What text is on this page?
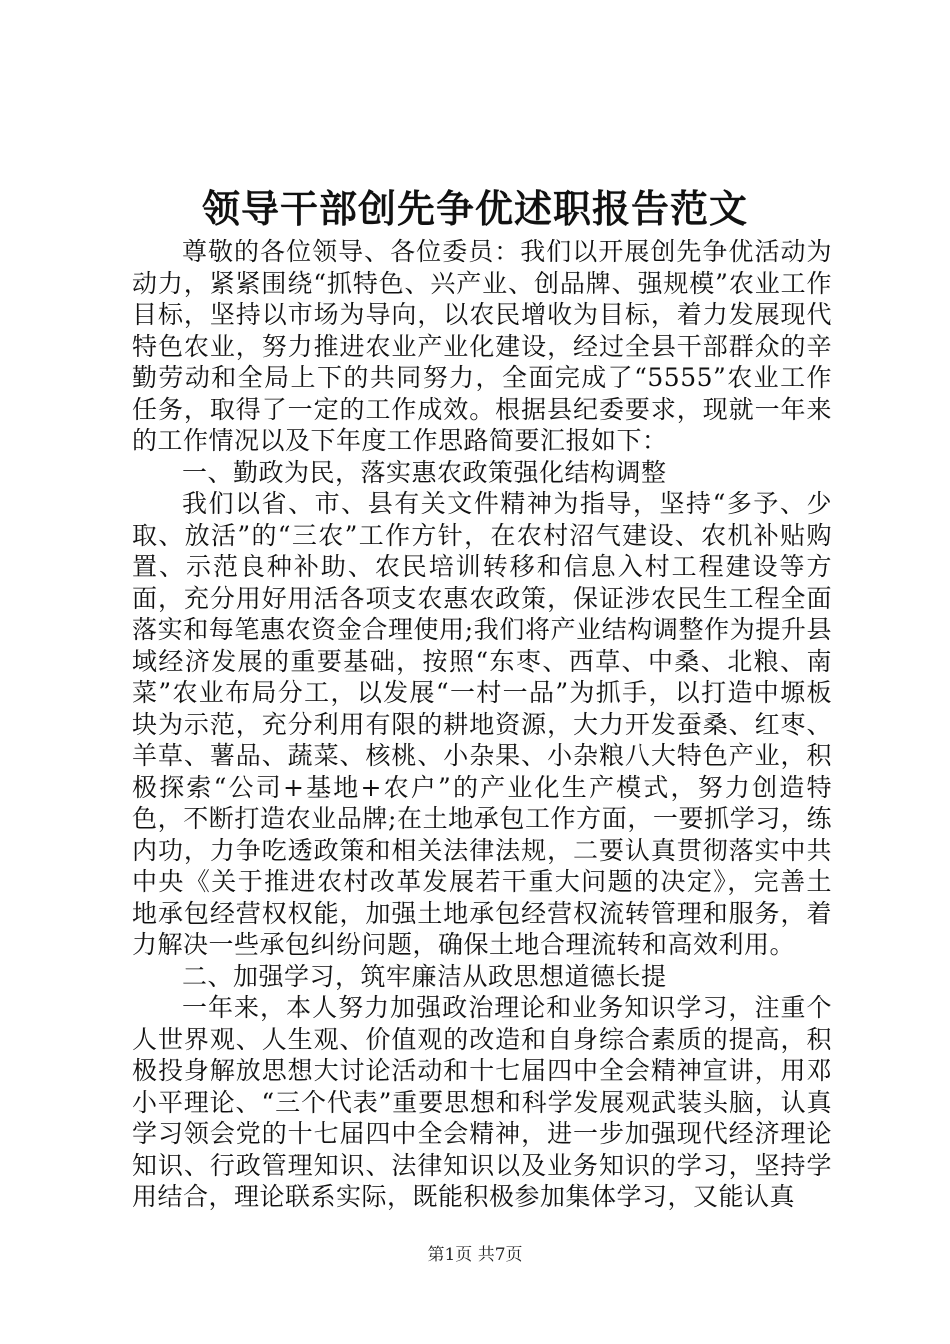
领导干部创先争优述职报告范文

尊敬的各位领导、各位委员：我们以开展创先争优活动为动力，紧紧围绕“抓特色、兴产业、创品牌、强规模”农业工作目标，坚持以市场为导向，以农民增收为目标，着力发展现代特色农业，努力推进农业产业化建设，经过全县干部群众的辛勤劳动和全局上下的共同努力，全面完成了“5555”农业工作任务，取得了一定的工作成效。根据县纪委要求，现就一年来的工作情况以及下年度工作思路简要汇报如下：

一、勤政为民，落实惠农政策强化结构调整

我们以省、市、县有关文件精神为指导，坚持“多予、少取、放活”的“三农”工作方针，在农村沼气建设、农机补贴购置、示范良种补助、农民培训转移和信息入村工程建设等方面，充分用好用活各项支农惠农政策，保证涉农民生工程全面落实和每笔惠农资金合理使用;我们将产业结构调整作为提升县域经济发展的重要基础，按照“东枣、西草、中桑、北粮、南菜”农业布局分工，以发展“一村一品”为抓手，以打造中塬板块为示范，充分利用有限的耕地资源，大力开发蚕桑、红枣、羊草、薯品、蔬菜、核桃、小杂果、小杂粮八大特色产业，积极探索“公司+基地+农户”的产业化生产模式，努力创造特色，不断打造农业品牌;在土地承包工作方面，一要抓学习，练内功，力争吃透政策和相关法律法规，二要认真贯彻落实中共中央《关于推进农村改革发展若干重大问题的决定》，完善土地承包经营权权能，加强土地承包经营权流转管理和服务，着力解决一些承包纠纷问题，确保土地合理流转和高效利用。

二、加强学习，筑牢廉洁从政思想道德长提

一年来，本人努力加强政治理论和业务知识学习，注重个人世界观、人生观、价值观的改造和自身综合素质的提高，积极投身解放思想大讨论活动和十七届四中全会精神宣讲，用邓小平理论、“三个代表”重要思想和科学发展观武装头脑，认真学习领会党的十七届四中全会精神，进一步加强现代经济理论知识、行政管理知识、法律知识以及业务知识的学习，坚持学用结合，理论联系实际，既能积极参加集体学习，又能认真

第1页 共7页
